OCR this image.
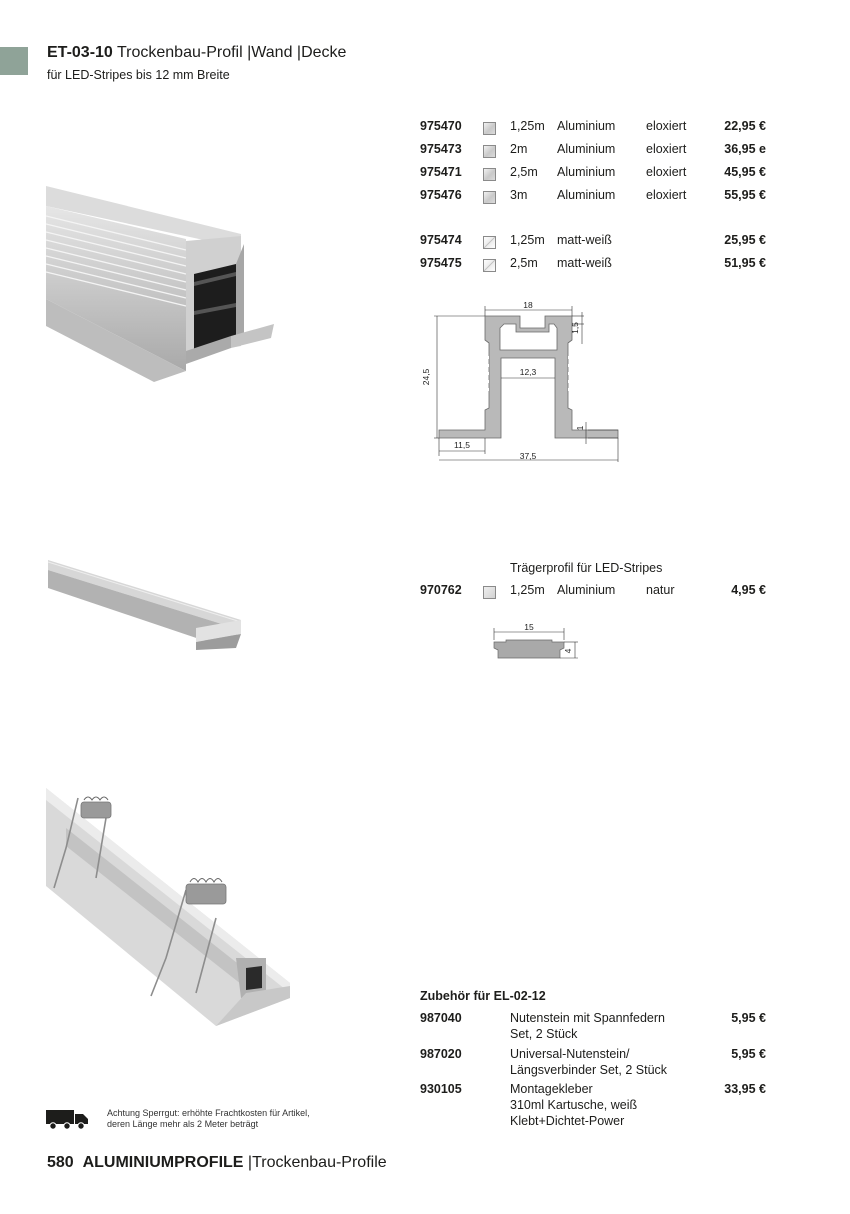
ET-03-10 Trockenbau-Profil |Wand |Decke
für LED-Stripes bis 12 mm Breite
975470	1,25m Aluminium eloxiert	22,95 €
975473	2m Aluminium eloxiert	36,95 e
975471	2,5m Aluminium eloxiert	45,95 €
975476	3m Aluminium eloxiert	55,95 €
975474	1,25m matt-weiß	25,95 €
975475	2,5m matt-weiß	51,95 €
18
1,5
24,5	12,3
1
11,5
37,5
Trägerprofil für LED-Stripes
970762	1,25m Aluminium natur	4,95 €
15
4
Zubehör für EL-02-12
987040	Nutenstein mit Spannfedern
Set, 2 Stück
5,95 €
987020	Universal-Nutenstein/
Längsverbinder Set, 2 Stück
5,95 €
930105	Montagekleber
310ml Kartusche, weiß
Klebt+Dichtet-Power
33,95 €
Achtung Sperrgut: erhöhte Frachtkosten für Artikel,
deren Länge mehr als 2 Meter beträgt
580 ALUMINIUMPROFILE |Trockenbau-Profile
